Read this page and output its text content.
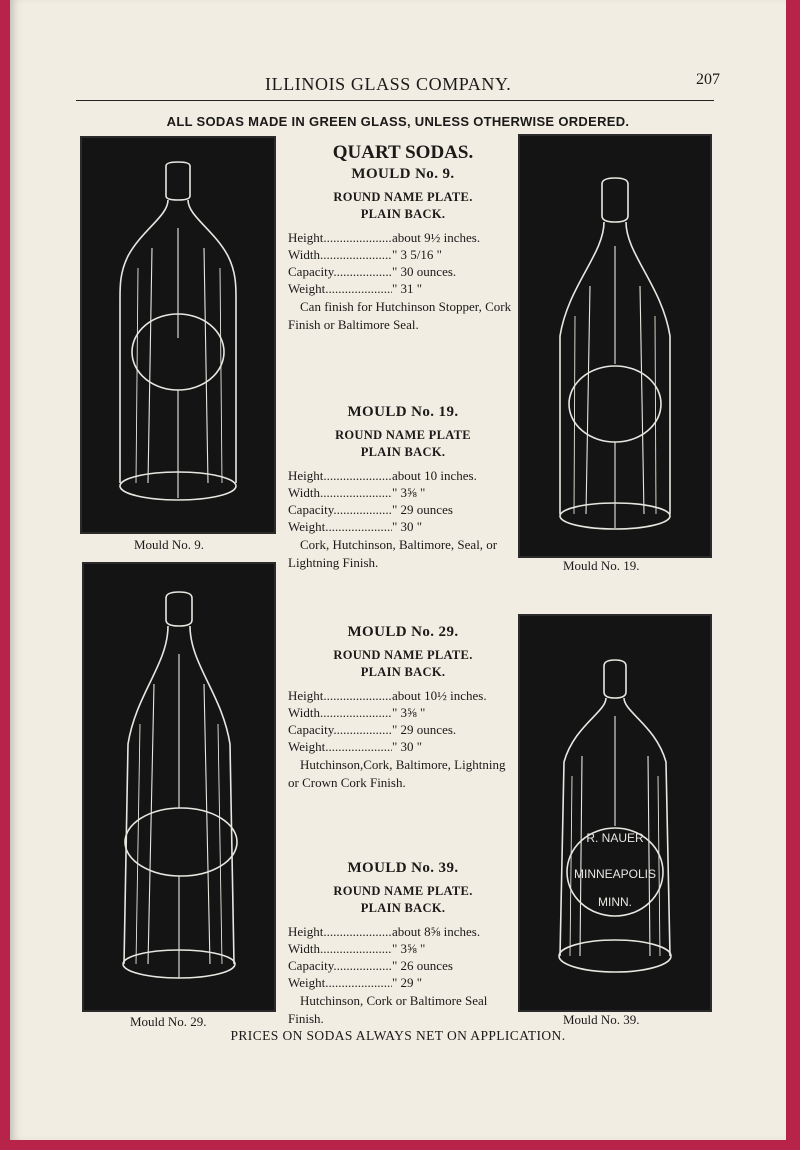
ILLINOIS GLASS COMPANY.	207
ALL SODAS MADE IN GREEN GLASS, UNLESS OTHERWISE ORDERED.
Mould No. 9.
Mould No. 19.
Mould No. 29.
R. NAUER
MINNEAPOLIS
MINN.
Mould No. 39.
QUART SODAS.
MOULD No. 9.
ROUND NAME PLATE.
PLAIN BACK.
Height .....	about 9½ inches.
Width .....	" 3 5/16 "
Capacity .....	" 30 ounces.
Weight .....	" 31 "
Can finish for Hutchinson Stopper, Cork Finish or Baltimore Seal.
MOULD No. 19.
ROUND NAME PLATE
PLAIN BACK.
Height .....	about 10 inches.
Width .....	" 3⅝ "
Capacity .....	" 29 ounces
Weight .....	" 30 "
Cork, Hutchinson, Baltimore, Seal, or Lightning Finish.
MOULD No. 29.
ROUND NAME PLATE.
PLAIN BACK.
Height .....	about 10½ inches.
Width .....	" 3⅝ "
Capacity .....	" 29 ounces.
Weight .....	" 30 "
Hutchinson,Cork, Baltimore, Lightning or Crown Cork Finish.
MOULD No. 39.
ROUND NAME PLATE.
PLAIN BACK.
Height .....	about 8⅝ inches.
Width .....	" 3⅝ "
Capacity .....	" 26 ounces
Weight .....	" 29 "
Hutchinson, Cork or Baltimore Seal Finish.
PRICES ON SODAS ALWAYS NET ON APPLICATION.
